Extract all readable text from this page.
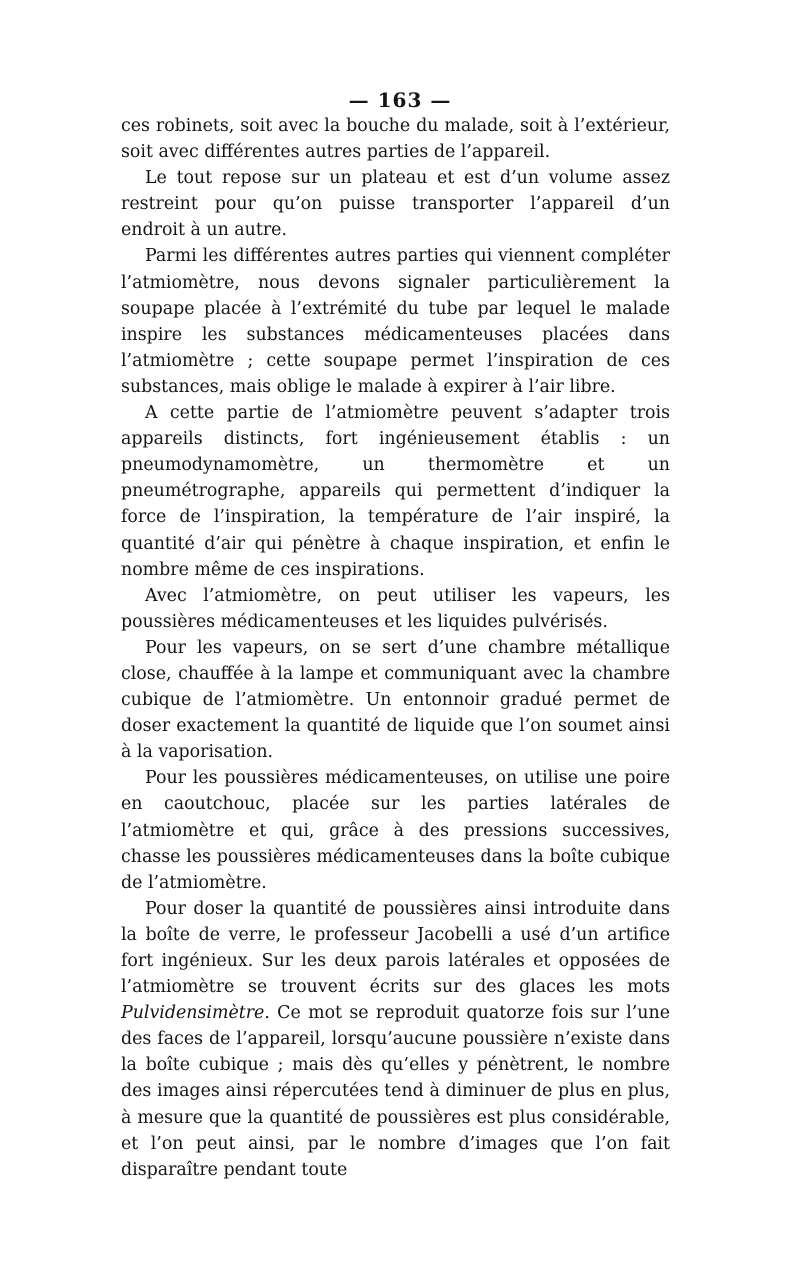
— 163 —

ces robinets, soit avec la bouche du malade, soit à l’extérieur, soit avec différentes autres parties de l’appareil.

Le tout repose sur un plateau et est d’un volume assez restreint pour qu’on puisse transporter l’appareil d’un endroit à un autre.

Parmi les différentes autres parties qui viennent compléter l’atmiomètre, nous devons signaler particulièrement la soupape placée à l’extrémité du tube par lequel le malade inspire les substances médicamenteuses placées dans l’atmiomètre ; cette soupape permet l’inspiration de ces substances, mais oblige le malade à expirer à l’air libre.

A cette partie de l’atmiomètre peuvent s’adapter trois appareils distincts, fort ingénieusement établis : un pneumodynamomètre, un thermomètre et un pneumétrographe, appareils qui permettent d’indiquer la force de l’inspiration, la température de l’air inspiré, la quantité d’air qui pénètre à chaque inspiration, et enfin le nombre même de ces inspirations.

Avec l’atmiomètre, on peut utiliser les vapeurs, les poussières médicamenteuses et les liquides pulvérisés.

Pour les vapeurs, on se sert d’une chambre métallique close, chauffée à la lampe et communiquant avec la chambre cubique de l’atmiomètre. Un entonnoir gradué permet de doser exactement la quantité de liquide que l’on soumet ainsi à la vaporisation.

Pour les poussières médicamenteuses, on utilise une poire en caoutchouc, placée sur les parties latérales de l’atmiomètre et qui, grâce à des pressions successives, chasse les poussières médicamenteuses dans la boîte cubique de l’atmiomètre.

Pour doser la quantité de poussières ainsi introduite dans la boîte de verre, le professeur Jacobelli a usé d’un artifice fort ingénieux. Sur les deux parois latérales et opposées de l’atmiomètre se trouvent écrits sur des glaces les mots Pulvidensimètre. Ce mot se reproduit quatorze fois sur l’une des faces de l’appareil, lorsqu’aucune poussière n’existe dans la boîte cubique ; mais dès qu’elles y pénètrent, le nombre des images ainsi répercutées tend à diminuer de plus en plus, à mesure que la quantité de poussières est plus considérable, et l’on peut ainsi, par le nombre d’images que l’on fait disparaître pendant toute
